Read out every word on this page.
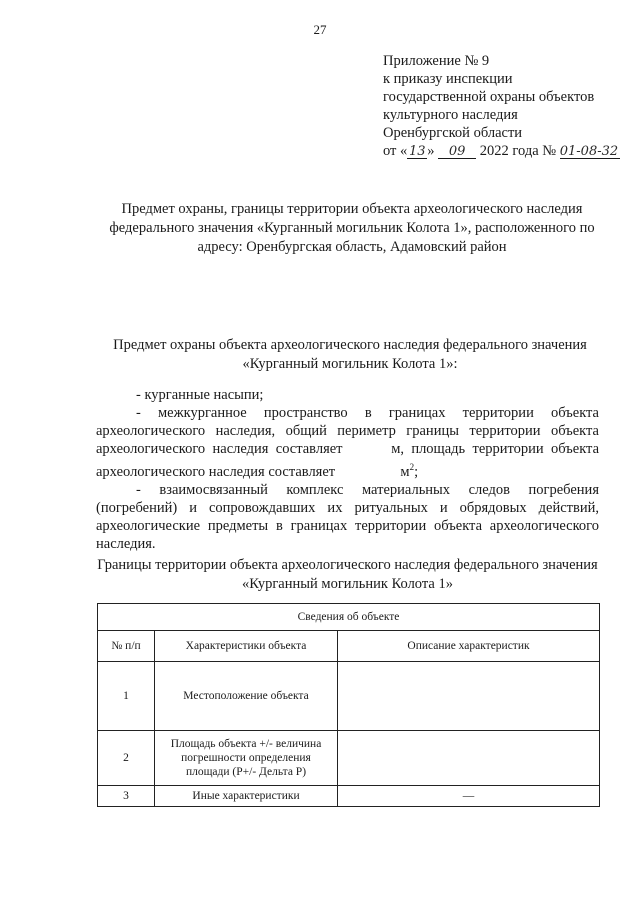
27
Приложение № 9
к приказу инспекции
государственной охраны объектов
культурного наследия
Оренбургской области
от « 13 » 09 2022 года № 01-08-32
Предмет охраны, границы территории объекта археологического наследия федерального значения «Курганный могильник Колота 1», расположенного по адресу: Оренбургская область, Адамовский район
Предмет охраны объекта археологического наследия федерального значения «Курганный могильник Колота 1»:

- курганные насыпи;

- межкурганное пространство в границах территории объекта
археологического наследия, общий периметр границы территории объекта
археологического наследия составляет	м, площадь территории объекта
археологического наследия составляет	$м^2$;

- взаимосвязанный комплекс материальных следов погребения (погребений) и сопровождавших их ритуальных и обрядовых действий, археологические предметы в границах территории объекта археологического наследия.

Границы территории объекта археологического наследия федерального значения «Курганный могильник Колота 1»
Сведения об объекте		
№ п/п	Характеристики объекта	Описание характеристик
1	Местоположение объекта	
2	Площадь объекта +/- величина погрешности определения площади (P+/- Дельта P)	
3	Иные характеристики	—
